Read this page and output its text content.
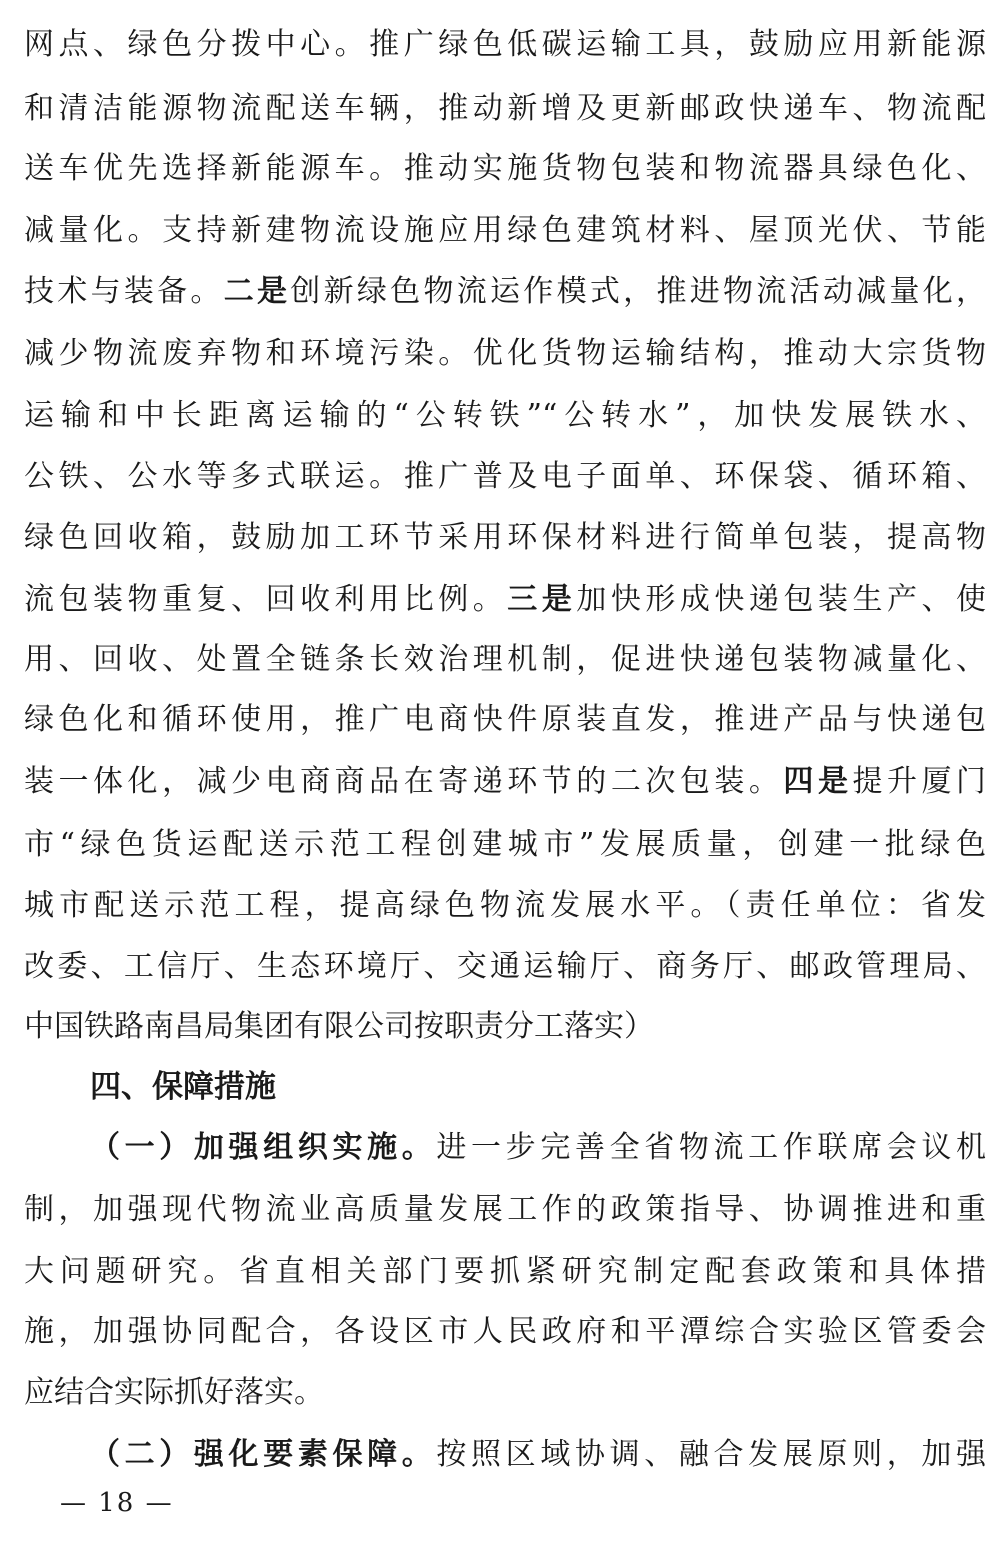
网点、绿色分拨中心。推广绿色低碳运输工具，鼓励应用新能源
和清洁能源物流配送车辆，推动新增及更新邮政快递车、物流配
送车优先选择新能源车。推动实施货物包装和物流器具绿色化、
减量化。支持新建物流设施应用绿色建筑材料、屋顶光伏、节能
技术与装备。二是创新绿色物流运作模式，推进物流活动减量化，
减少物流废弃物和环境污染。优化货物运输结构，推动大宗货物
运输和中长距离运输的“公转铁”“公转水”，加快发展铁水、
公铁、公水等多式联运。推广普及电子面单、环保袋、循环箱、
绿色回收箱，鼓励加工环节采用环保材料进行简单包装，提高物
流包装物重复、回收利用比例。三是加快形成快递包装生产、使
用、回收、处置全链条长效治理机制，促进快递包装物减量化、
绿色化和循环使用，推广电商快件原装直发，推进产品与快递包
装一体化，减少电商商品在寄递环节的二次包装。四是提升厦门
市“绿色货运配送示范工程创建城市”发展质量，创建一批绿色
城市配送示范工程，提高绿色物流发展水平。（责任单位：省发
改委、工信厅、生态环境厅、交通运输厅、商务厅、邮政管理局、
中国铁路南昌局集团有限公司按职责分工落实）
四、保障措施
（一）加强组织实施。进一步完善全省物流工作联席会议机
制，加强现代物流业高质量发展工作的政策指导、协调推进和重
大问题研究。省直相关部门要抓紧研究制定配套政策和具体措
施，加强协同配合，各设区市人民政府和平潭综合实验区管委会
应结合实际抓好落实。
（二）强化要素保障。按照区域协调、融合发展原则，加强
— 18 —
